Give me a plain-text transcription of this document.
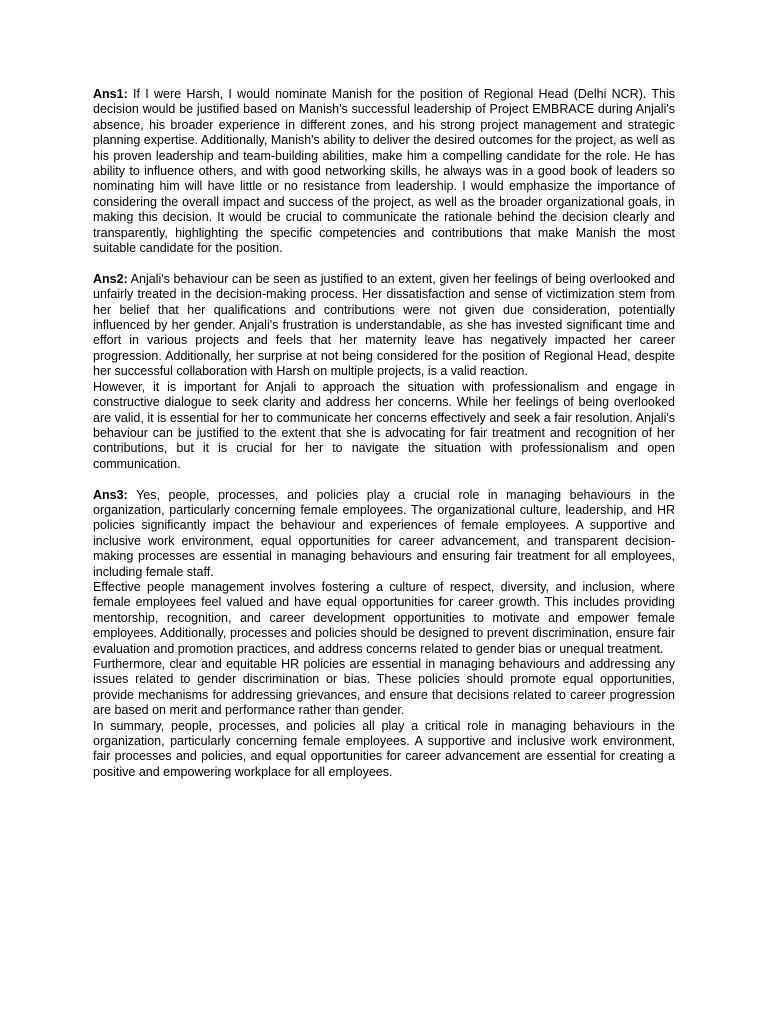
Ans1: If I were Harsh, I would nominate Manish for the position of Regional Head (Delhi NCR). This decision would be justified based on Manish's successful leadership of Project EMBRACE during Anjali's absence, his broader experience in different zones, and his strong project management and strategic planning expertise. Additionally, Manish's ability to deliver the desired outcomes for the project, as well as his proven leadership and team-building abilities, make him a compelling candidate for the role. He has ability to influence others, and with good networking skills, he always was in a good book of leaders so nominating him will have little or no resistance from leadership. I would emphasize the importance of considering the overall impact and success of the project, as well as the broader organizational goals, in making this decision. It would be crucial to communicate the rationale behind the decision clearly and transparently, highlighting the specific competencies and contributions that make Manish the most suitable candidate for the position.

Ans2: Anjali's behaviour can be seen as justified to an extent, given her feelings of being overlooked and unfairly treated in the decision-making process. Her dissatisfaction and sense of victimization stem from her belief that her qualifications and contributions were not given due consideration, potentially influenced by her gender. Anjali's frustration is understandable, as she has invested significant time and effort in various projects and feels that her maternity leave has negatively impacted her career progression. Additionally, her surprise at not being considered for the position of Regional Head, despite her successful collaboration with Harsh on multiple projects, is a valid reaction.

However, it is important for Anjali to approach the situation with professionalism and engage in constructive dialogue to seek clarity and address her concerns. While her feelings of being overlooked are valid, it is essential for her to communicate her concerns effectively and seek a fair resolution. Anjali's behaviour can be justified to the extent that she is advocating for fair treatment and recognition of her contributions, but it is crucial for her to navigate the situation with professionalism and open communication.

Ans3: Yes, people, processes, and policies play a crucial role in managing behaviours in the organization, particularly concerning female employees. The organizational culture, leadership, and HR policies significantly impact the behaviour and experiences of female employees. A supportive and inclusive work environment, equal opportunities for career advancement, and transparent decision-making processes are essential in managing behaviours and ensuring fair treatment for all employees, including female staff.

Effective people management involves fostering a culture of respect, diversity, and inclusion, where female employees feel valued and have equal opportunities for career growth. This includes providing mentorship, recognition, and career development opportunities to motivate and empower female employees. Additionally, processes and policies should be designed to prevent discrimination, ensure fair evaluation and promotion practices, and address concerns related to gender bias or unequal treatment.

Furthermore, clear and equitable HR policies are essential in managing behaviours and addressing any issues related to gender discrimination or bias. These policies should promote equal opportunities, provide mechanisms for addressing grievances, and ensure that decisions related to career progression are based on merit and performance rather than gender.

In summary, people, processes, and policies all play a critical role in managing behaviours in the organization, particularly concerning female employees. A supportive and inclusive work environment, fair processes and policies, and equal opportunities for career advancement are essential for creating a positive and empowering workplace for all employees.
